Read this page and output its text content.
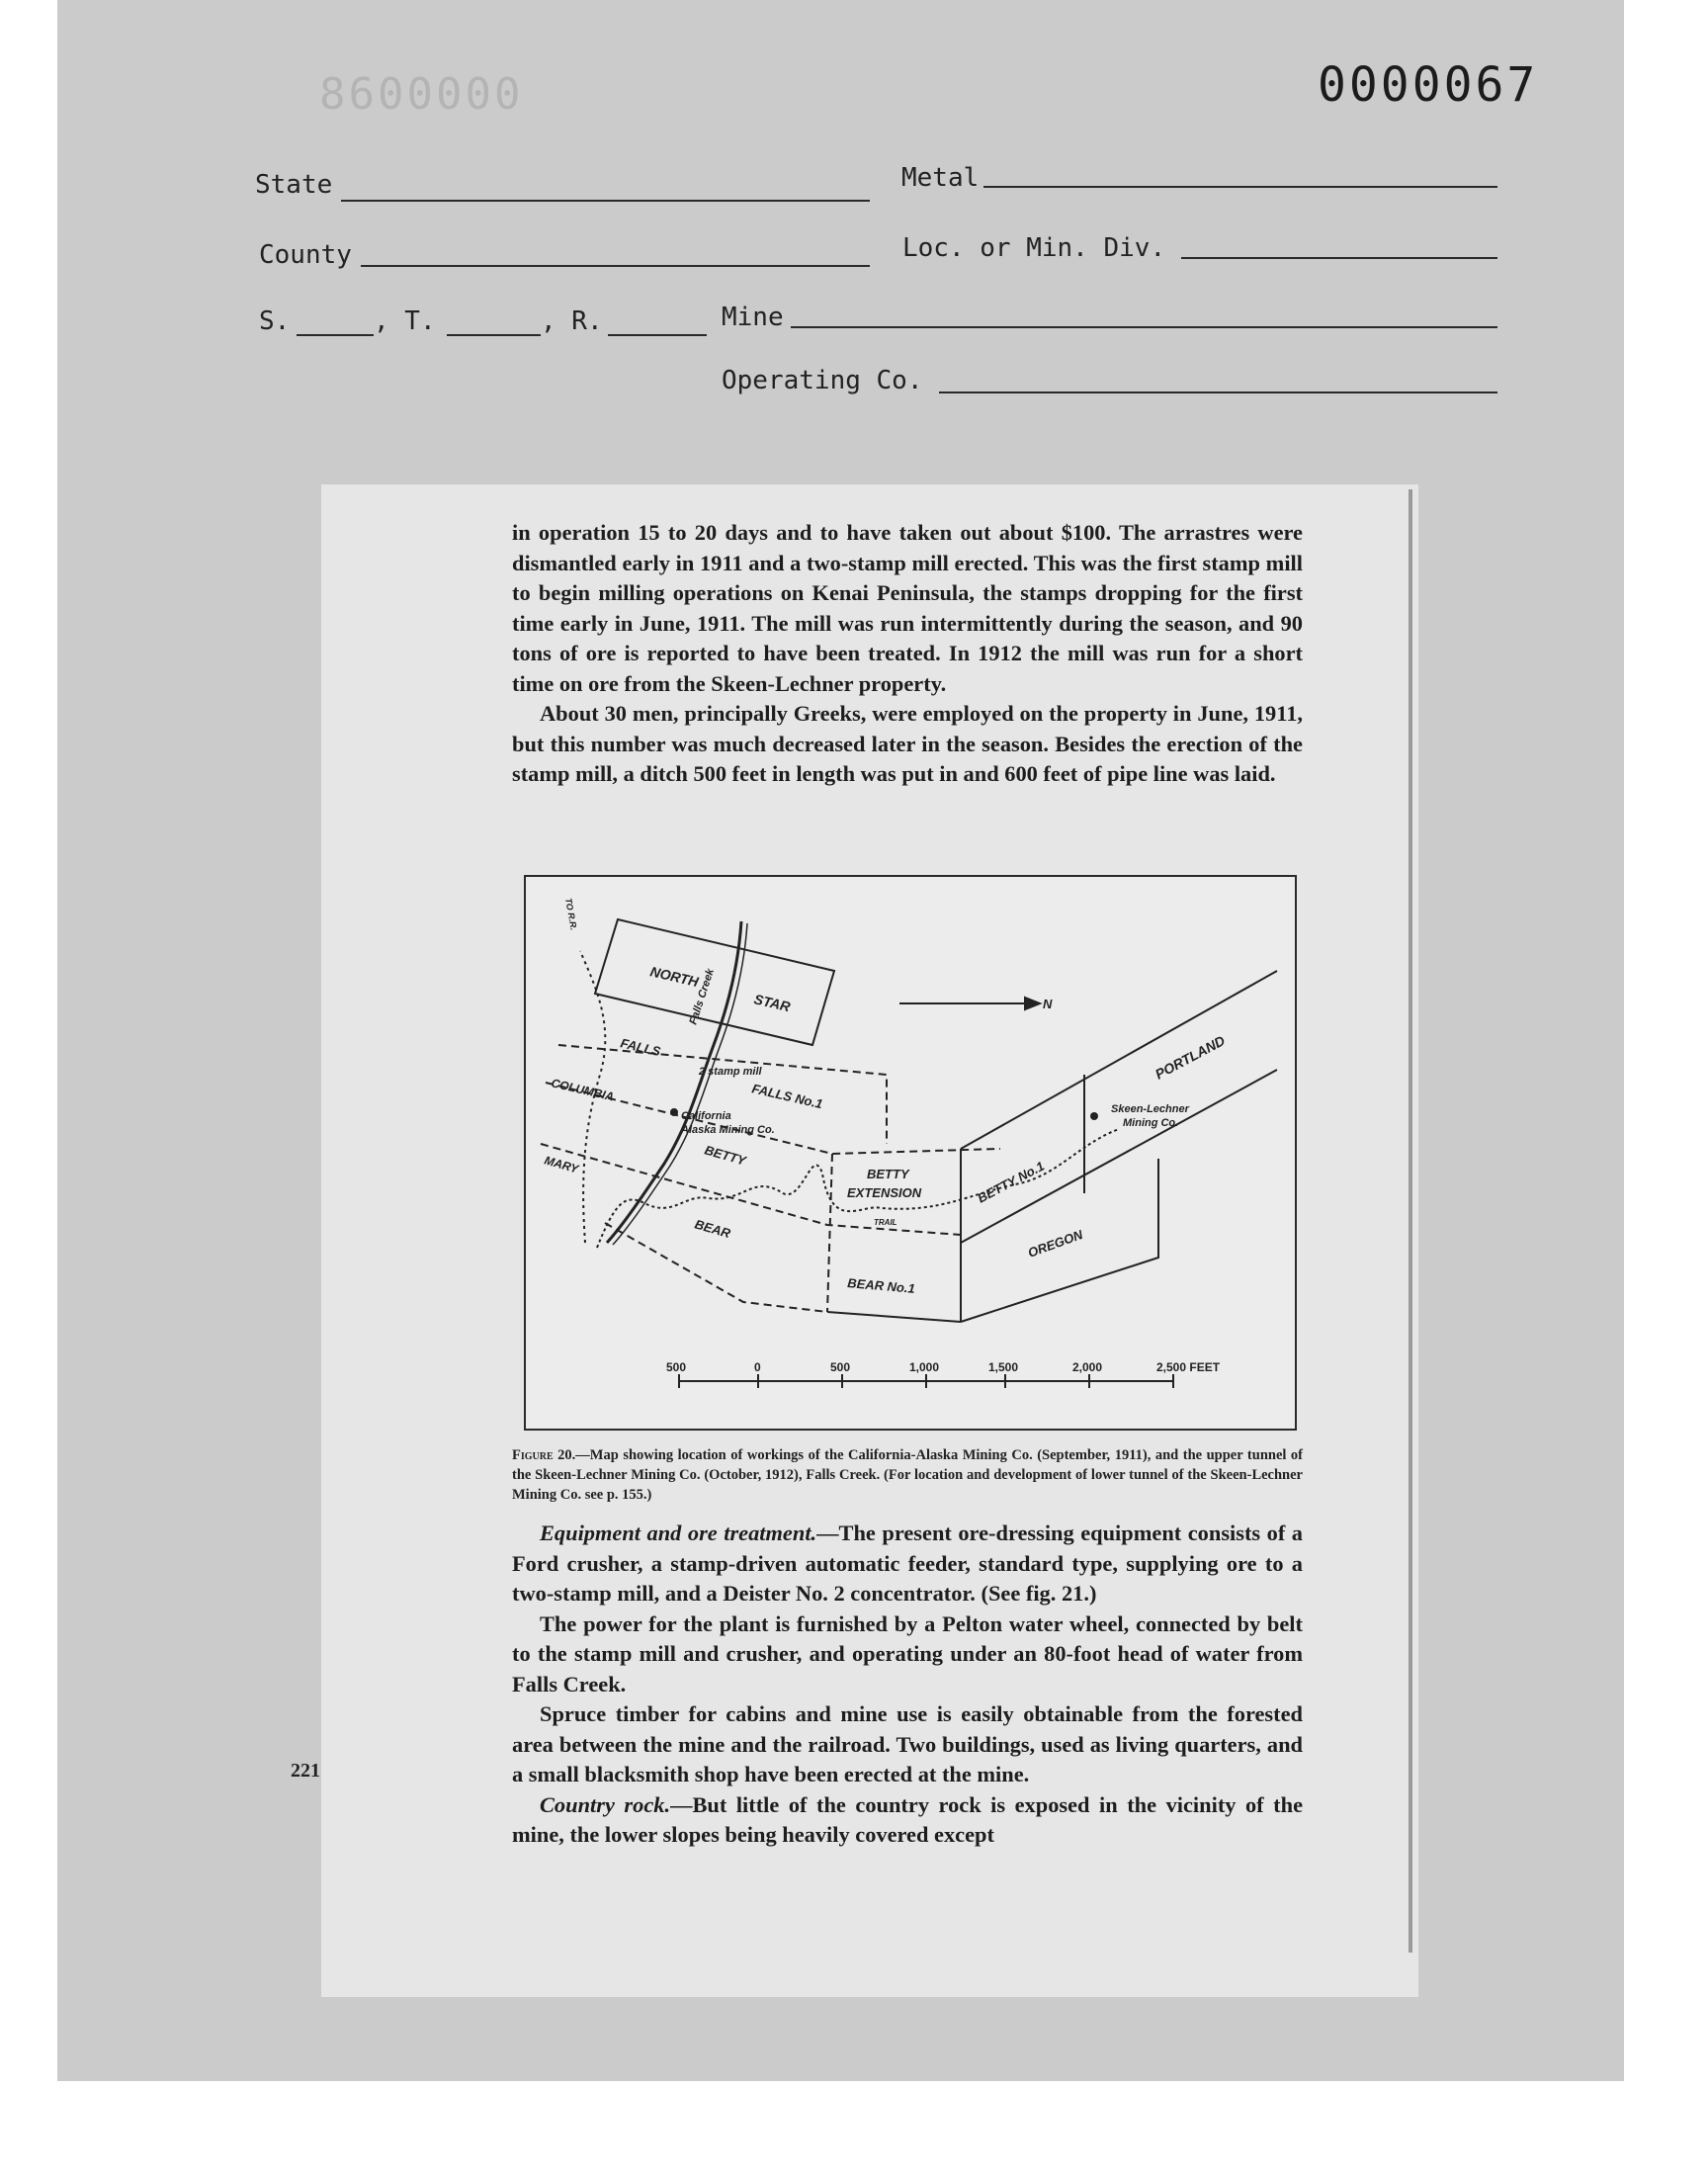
8600000	0000067
State	Metal
County	Loc. or Min. Div.
S.	, T.	, R.	Mine
Operating Co.

in operation 15 to 20 days and to have taken out about $100. The arrastres were dismantled early in 1911 and a two-stamp mill erected. This was the first stamp mill to begin milling operations on Kenai Peninsula, the stamps dropping for the first time early in June, 1911. The mill was run intermittently during the season, and 90 tons of ore is reported to have been treated. In 1912 the mill was run for a short time on ore from the Skeen-Lechner property.

About 30 men, principally Greeks, were employed on the property in June, 1911, but this number was much decreased later in the season. Besides the erection of the stamp mill, a ditch 500 feet in length was put in and 600 feet of pipe line was laid.

NORTH
STAR
FALLS
FALLS No.1
COLUMBIA
BETTY
MARY
BEAR
BETTY
EXTENSION
BEAR No.1
BETTY No.1
OREGON
PORTLAND
Falls Creek
2 stamp mill
California
Alaska Mining Co.
Skeen-Lechner
Mining Co.
TRAIL
TO R.R.
N
500	0	500	1,000	1,500	2,000	2,500 FEET
Figure 20.—Map showing location of workings of the California-Alaska Mining Co. (September, 1911), and the upper tunnel of the Skeen-Lechner Mining Co. (October, 1912), Falls Creek. (For location and development of lower tunnel of the Skeen-Lechner Mining Co. see p. 155.)

Equipment and ore treatment.—The present ore-dressing equipment consists of a Ford crusher, a stamp-driven automatic feeder, standard type, supplying ore to a two-stamp mill, and a Deister No. 2 concentrator. (See fig. 21.)

The power for the plant is furnished by a Pelton water wheel, connected by belt to the stamp mill and crusher, and operating under an 80-foot head of water from Falls Creek.

Spruce timber for cabins and mine use is easily obtainable from the forested area between the mine and the railroad. Two buildings, used as living quarters, and a small blacksmith shop have been erected at the mine.

Country rock.—But little of the country rock is exposed in the vicinity of the mine, the lower slopes being heavily covered except

221
